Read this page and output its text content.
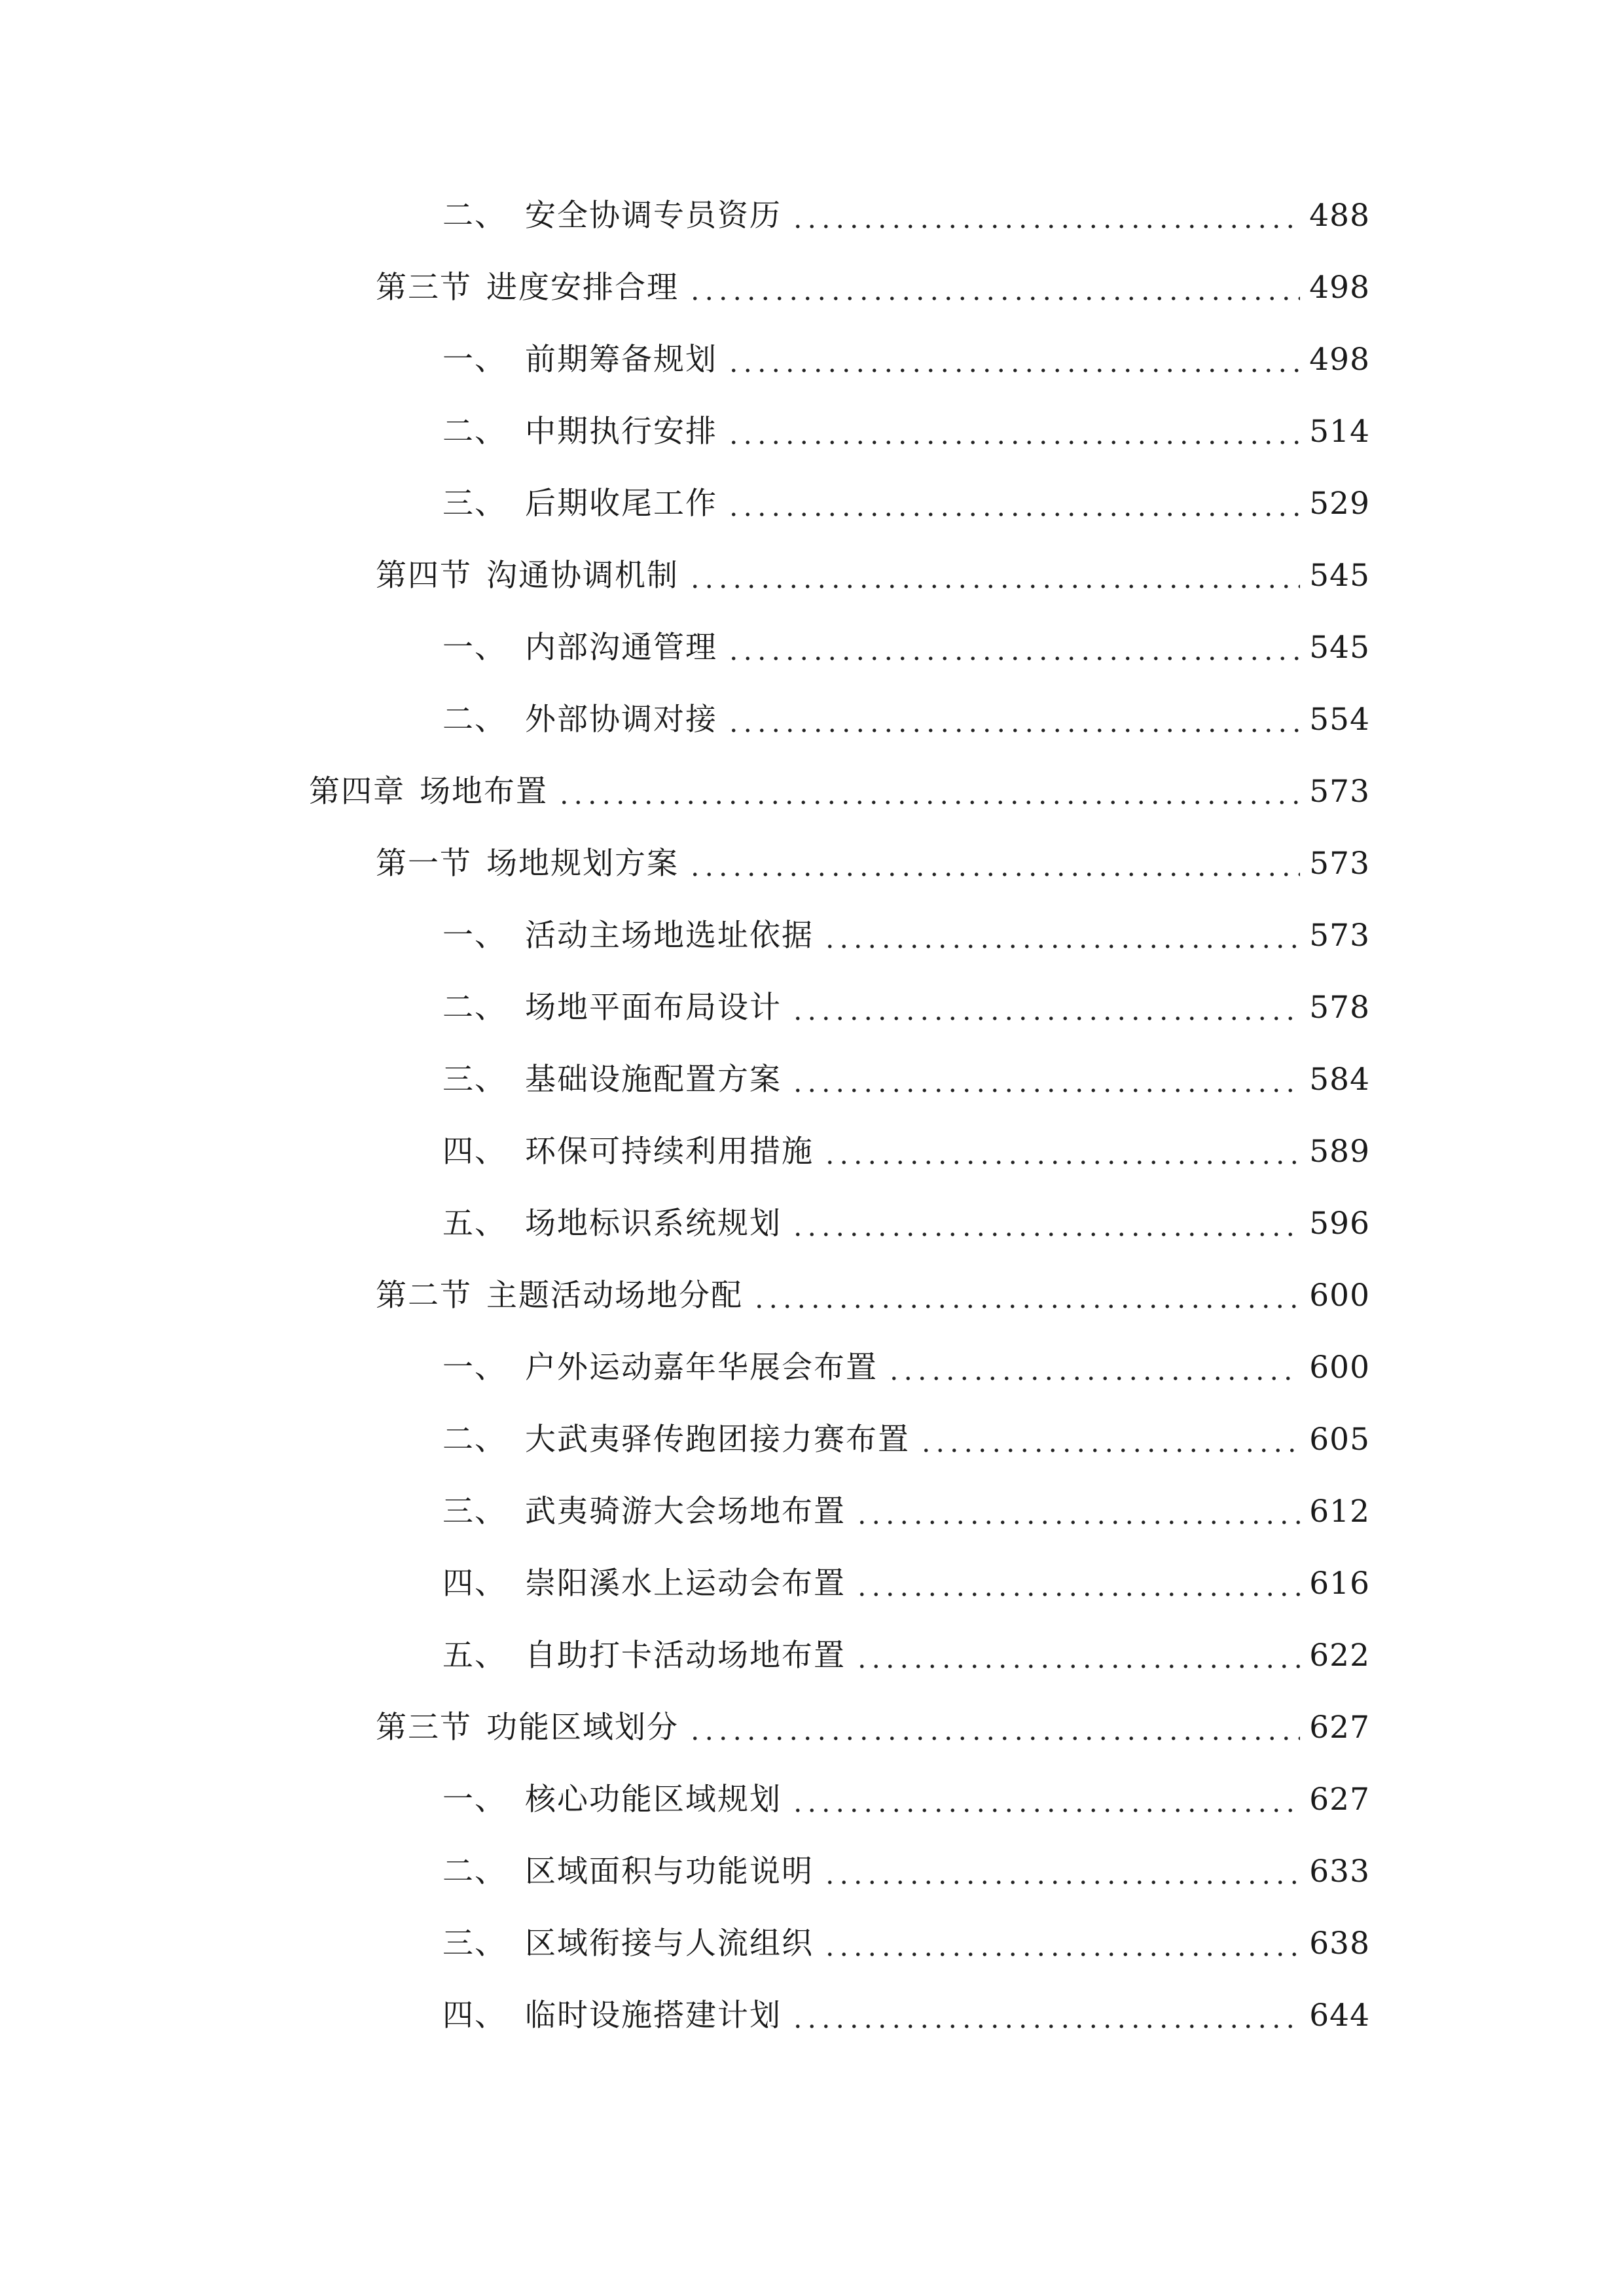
二、 安全协调专员资历	488
第三节 进度安排合理	498
一、 前期筹备规划	498
二、 中期执行安排	514
三、 后期收尾工作	529
第四节 沟通协调机制	545
一、 内部沟通管理	545
二、 外部协调对接	554
第四章 场地布置	573
第一节 场地规划方案	573
一、 活动主场地选址依据	573
二、 场地平面布局设计	578
三、 基础设施配置方案	584
四、 环保可持续利用措施	589
五、 场地标识系统规划	596
第二节 主题活动场地分配	600
一、 户外运动嘉年华展会布置	600
二、 大武夷驿传跑团接力赛布置	605
三、 武夷骑游大会场地布置	612
四、 崇阳溪水上运动会布置	616
五、 自助打卡活动场地布置	622
第三节 功能区域划分	627
一、 核心功能区域规划	627
二、 区域面积与功能说明	633
三、 区域衔接与人流组织	638
四、 临时设施搭建计划	644
